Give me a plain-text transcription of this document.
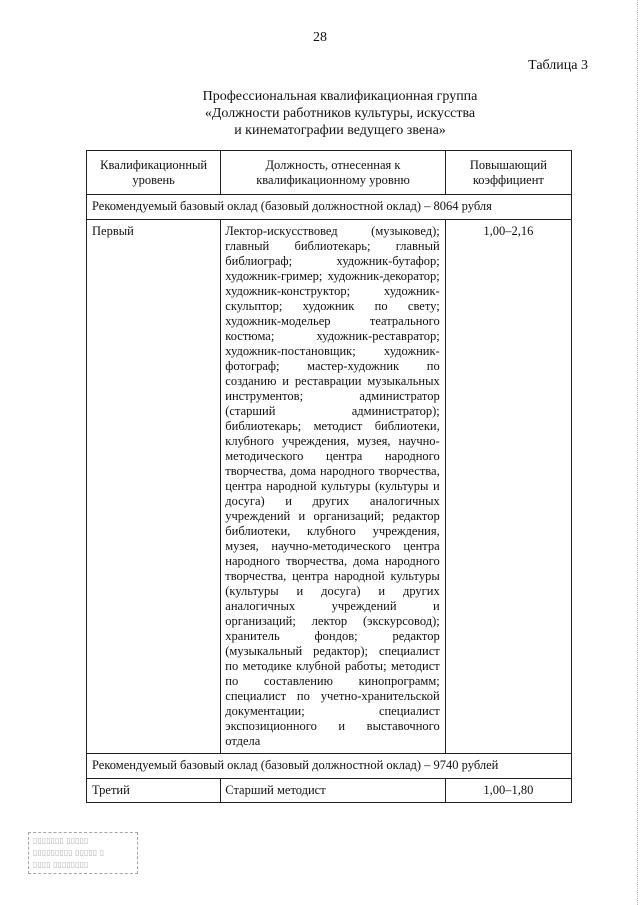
28
Таблица 3
Профессиональная квалификационная группа
«Должности работников культуры, искусства
и кинематографии ведущего звена»
Квалификационный уровень	Должность, отнесенная к квалификационному уровню	Повышающий коэффициент
Рекомендуемый базовый оклад (базовый должностной оклад) – 8064 рубля		
Первый	Лектор-искусствовед (музыковед); главный библиотекарь; главный библиограф; художник-бутафор; художник-гример; художник-декоратор; художник-конструктор; художник-скульптор; художник по свету; художник-модельер театрального костюма; художник-реставратор; художник-постановщик; художник-фотограф; мастер-художник по созданию и реставрации музыкальных инструментов; администратор (старший администратор); библиотекарь; методист библиотеки, клубного учреждения, музея, научно-методического центра народного творчества, дома народного творчества, центра народной культуры (культуры и досуга) и других аналогичных учреждений и организаций; редактор библиотеки, клубного учреждения, музея, научно-методического центра народного творчества, дома народного творчества, центра народной культуры (культуры и досуга) и других аналогичных учреждений и организаций; лектор (экскурсовод); хранитель фондов; редактор (музыкальный редактор); специалист по методике клубной работы; методист по составлению кинопрограмм; специалист по учетно-хранительской документации; специалист экспозиционного и выставочного отдела	1,00–2,16
Рекомендуемый базовый оклад (базовый должностной оклад) – 9740 рублей		
Третий	Старший методист	1,00–1,80
▯▯▯▯▯▯▯ ▯▯▯▯▯
▯▯▯▯▯▯▯▯▯ ▯▯▯▯▯ ▯
▯▯▯▯ ▯▯▯▯▯▯▯▯
